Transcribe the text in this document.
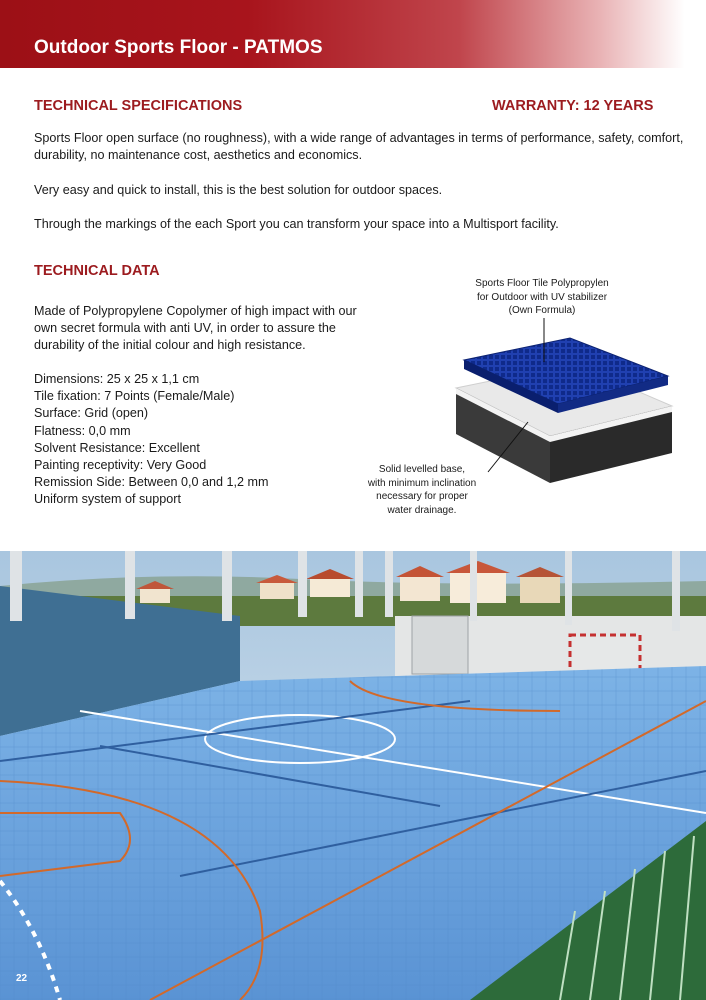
Outdoor Sports Floor - PATMOS
TECHNICAL SPECIFICATIONS	WARRANTY: 12 YEARS
Sports Floor open surface (no roughness), with a wide range of advantages in terms of performance, safety, comfort, durability, no maintenance cost, aesthetics and economics.
Very easy and quick to install, this is the best solution for outdoor spaces.
Through the markings of the each Sport you can transform your space into a Multisport facility.
TECHNICAL DATA
Made of Polypropylene Copolymer of high impact with our own secret formula with anti UV, in order to assure the durability of the initial colour and high resistance.
Dimensions: 25 x 25 x 1,1 cm
Tile fixation: 7 Points (Female/Male)
Surface: Grid (open)
Flatness: 0,0 mm
Solvent Resistance: Excellent
Painting receptivity: Very Good
Remission Side: Between 0,0 and 1,2 mm
Uniform system of support
Sports Floor Tile Polypropylen
for Outdoor with UV stabilizer
(Own Formula)
Solid levelled base,
with minimum inclination
necessary for proper
water drainage.
22
